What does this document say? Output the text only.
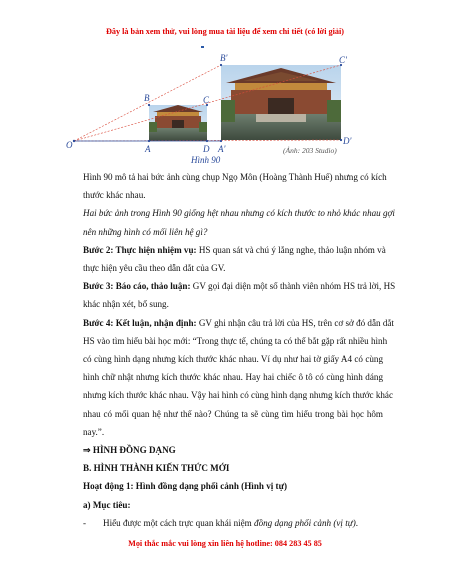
Đây là bản xem thử, vui lòng mua tài liệu để xem chi tiết (có lời giải)
O	A
B	C
D A'
B'	C'
D'
Hình 90
(Ảnh: 203 Studio)
Hình 90 mô tả hai bức ảnh cùng chụp Ngọ Môn (Hoàng Thành Huế) nhưng có kích
thước khác nhau.
Hai bức ảnh trong Hình 90 giống hệt nhau nhưng có kích thước to nhỏ khác nhau gợi
nên những hình có mối liên hệ gì?
Bước 2: Thực hiện nhiệm vụ: HS quan sát và chú ý lắng nghe, thảo luận nhóm và
thực hiện yêu cầu theo dẫn dắt của GV.
Bước 3: Báo cáo, thảo luận: GV gọi đại diện một số thành viên nhóm HS trả lời, HS
khác nhận xét, bổ sung.
Bước 4: Kết luận, nhận định: GV ghi nhận câu trả lời của HS, trên cơ sở đó dẫn dắt
HS vào tìm hiểu bài học mới: “Trong thực tế, chúng ta có thể bắt gặp rất nhiều hình
có cùng hình dạng nhưng kích thước khác nhau. Ví dụ như hai tờ giấy A4 có cùng
hình chữ nhật nhưng kích thước khác nhau. Hay hai chiếc ô tô có cùng hình dáng
nhưng kích thước khác nhau. Vậy hai hình có cùng hình dạng nhưng kích thước khác
nhau có mối quan hệ như thế nào? Chúng ta sẽ cùng tìm hiểu trong bài học hôm
nay.”.
⇒ HÌNH ĐỒNG DẠNG
B. HÌNH THÀNH KIẾN THỨC MỚI
Hoạt động 1: Hình đồng dạng phối cảnh (Hình vị tự)
a) Mục tiêu:
- Hiểu được một cách trực quan khái niệm đồng dạng phối cảnh (vị tự).
Mọi thắc mắc vui lòng xin liên hệ hotline: 084 283 45 85
